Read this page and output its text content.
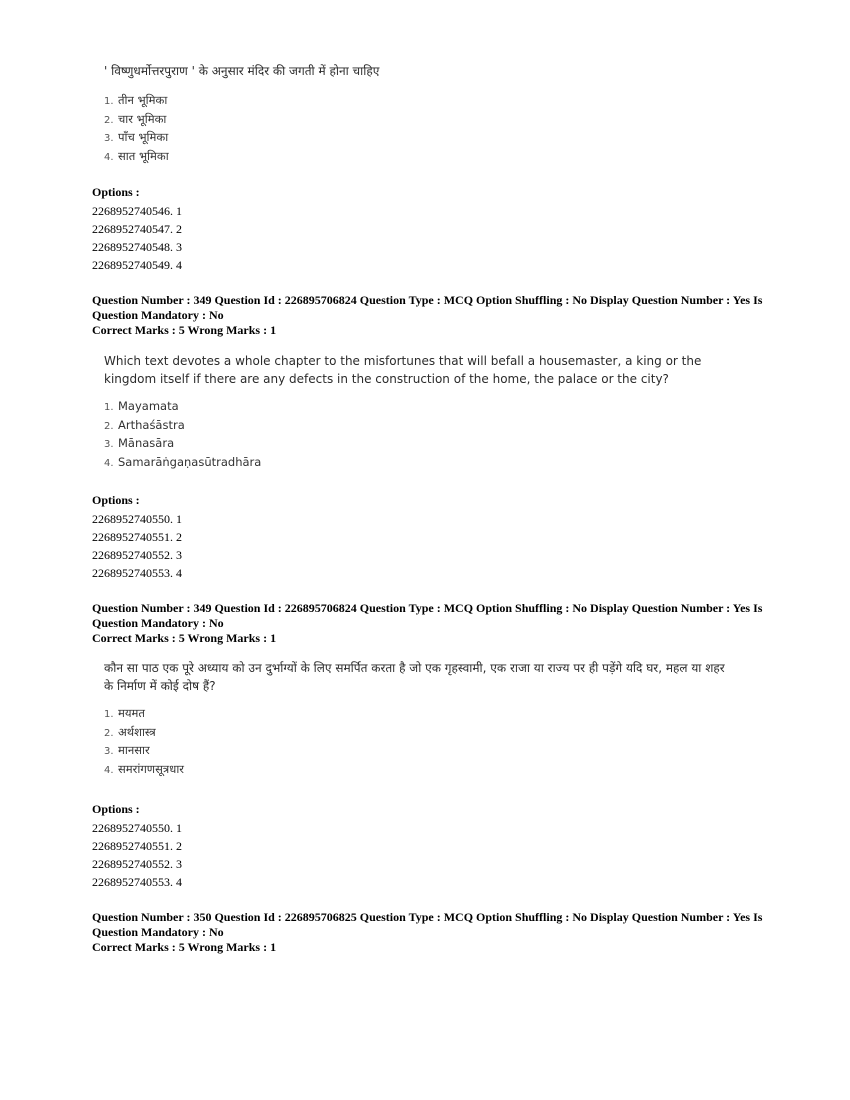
' विष्णुधर्मोत्तरपुराण ' के अनुसार मंदिर की जगती में होना चाहिए

1. तीन भूमिका
2. चार भूमिका
3. पाँच भूमिका
4. सात भूमिका
Options :
2268952740546. 1
2268952740547. 2
2268952740548. 3
2268952740549. 4
Question Number : 349 Question Id : 226895706824 Question Type : MCQ Option Shuffling : No Display Question Number : Yes Is Question Mandatory : No
Correct Marks : 5 Wrong Marks : 1

Which text devotes a whole chapter to the misfortunes that will befall a housemaster, a king or the kingdom itself if there are any defects in the construction of the home, the palace or the city?

1. Mayamata
2. Arthaśāstra
3. Mānasāra
4. Samarāṅgaṇasūtradhāra
Options :
2268952740550. 1
2268952740551. 2
2268952740552. 3
2268952740553. 4
Question Number : 349 Question Id : 226895706824 Question Type : MCQ Option Shuffling : No Display Question Number : Yes Is Question Mandatory : No
Correct Marks : 5 Wrong Marks : 1

कौन सा पाठ एक पूरे अध्याय को उन दुर्भाग्यों के लिए समर्पित करता है जो एक गृहस्वामी, एक राजा या राज्य पर ही पड़ेंगे यदि घर, महल या शहर के निर्माण में कोई दोष हैं?

1. मयमत
2. अर्थशास्त्र
3. मानसार
4. समरांगणसूत्रधार
Options :
2268952740550. 1
2268952740551. 2
2268952740552. 3
2268952740553. 4
Question Number : 350 Question Id : 226895706825 Question Type : MCQ Option Shuffling : No Display Question Number : Yes Is Question Mandatory : No
Correct Marks : 5 Wrong Marks : 1
